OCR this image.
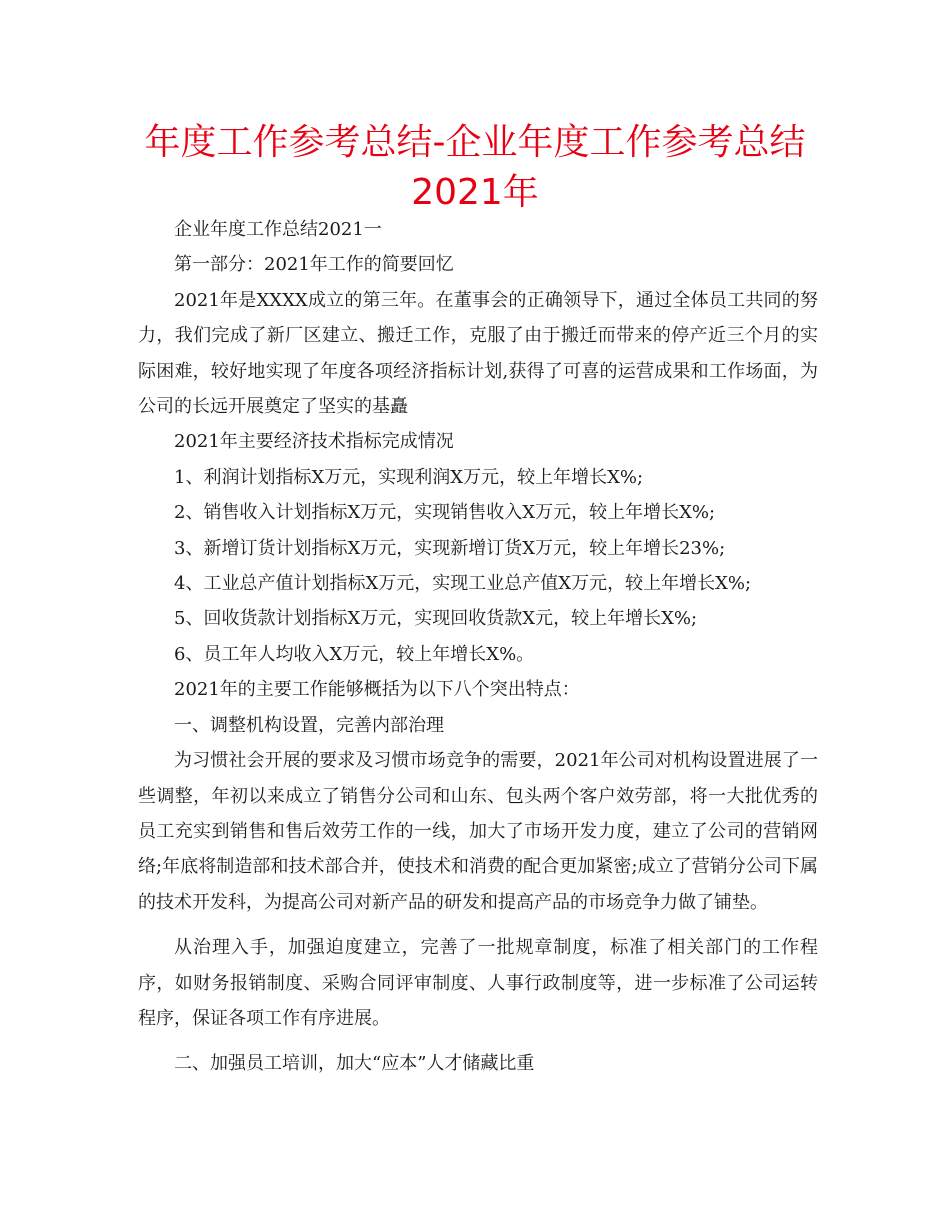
年度工作参考总结-企业年度工作参考总结2021年

企业年度工作总结2021一

第一部分：2021年工作的简要回忆

2021年是XXXX成立的第三年。在董事会的正确领导下，通过全体员工共同的努力，我们完成了新厂区建立、搬迁工作，克服了由于搬迁而带来的停产近三个月的实际困难，较好地实现了年度各项经济指标计划,获得了可喜的运营成果和工作场面，为公司的长远开展奠定了坚实的基矗

2021年主要经济技术指标完成情况

1、利润计划指标X万元，实现利润X万元，较上年增长X%;

2、销售收入计划指标X万元，实现销售收入X万元，较上年增长X%;

3、新增订货计划指标X万元，实现新增订货X万元，较上年增长23%;

4、工业总产值计划指标X万元，实现工业总产值X万元，较上年增长X%;

5、回收货款计划指标X万元，实现回收货款X元，较上年增长X%;

6、员工年人均收入X万元，较上年增长X%。

2021年的主要工作能够概括为以下八个突出特点：

一、调整机构设置，完善内部治理

为习惯社会开展的要求及习惯市场竞争的需要，2021年公司对机构设置进展了一些调整，年初以来成立了销售分公司和山东、包头两个客户效劳部，将一大批优秀的员工充实到销售和售后效劳工作的一线，加大了市场开发力度，建立了公司的营销网络;年底将制造部和技术部合并，使技术和消费的配合更加紧密;成立了营销分公司下属的技术开发科，为提高公司对新产品的研发和提高产品的市场竞争力做了铺垫。

从治理入手，加强迫度建立，完善了一批规章制度，标准了相关部门的工作程序，如财务报销制度、采购合同评审制度、人事行政制度等，进一步标准了公司运转程序，保证各项工作有序进展。

二、加强员工培训，加大“应本”人才储藏比重
